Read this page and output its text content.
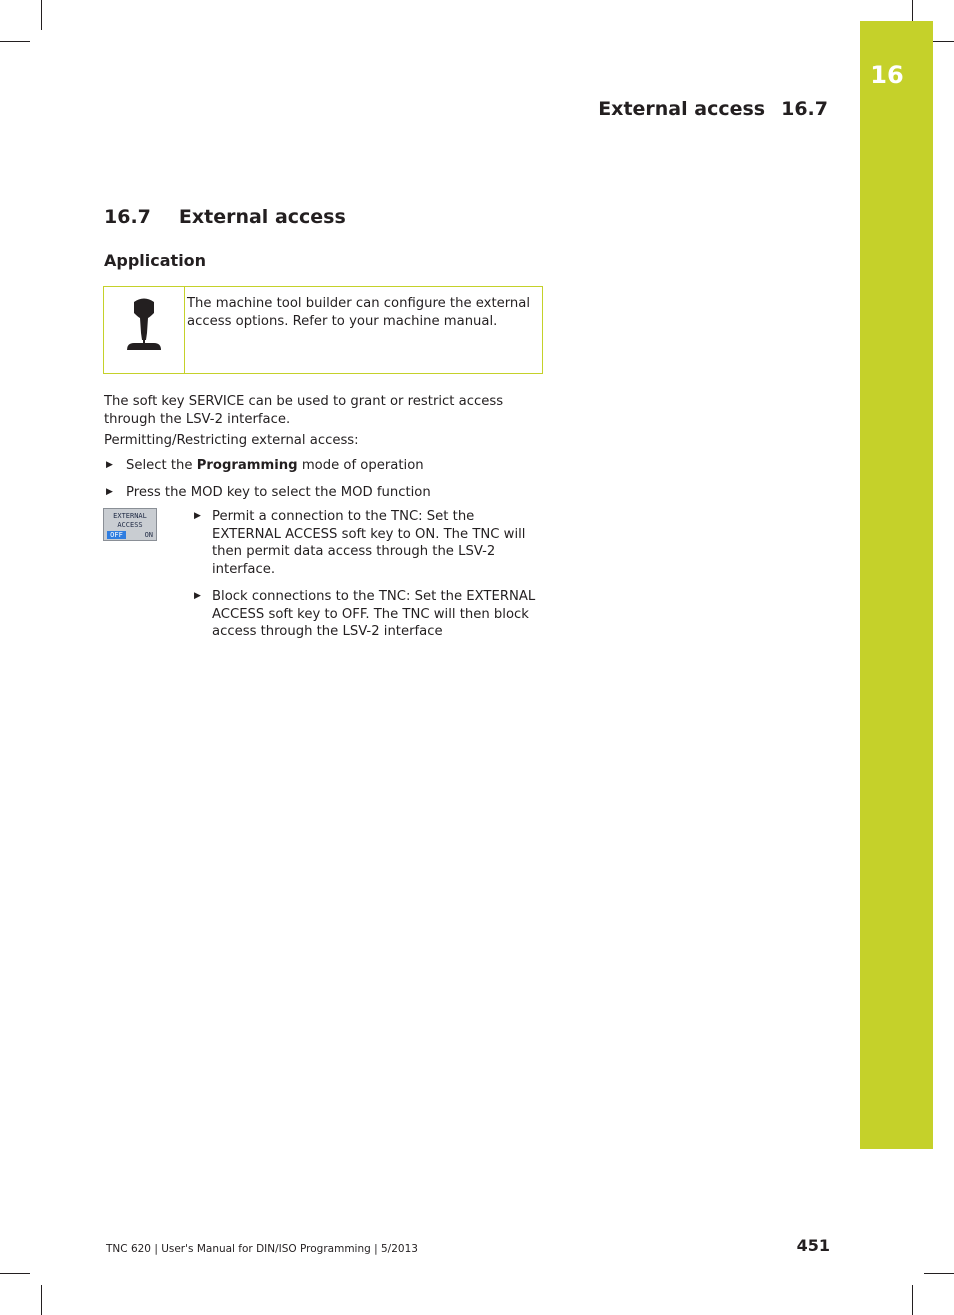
16
External access 16.7
16.7 External access
Application
The machine tool builder can configure the external access options. Refer to your machine manual.
The soft key SERVICE can be used to grant or restrict access through the LSV-2 interface.
Permitting/Restricting external access:
▶ Select the Programming mode of operation
▶ Press the MOD key to select the MOD function
EXTERNAL
ACCESS
OFF	ON
▶ Permit a connection to the TNC: Set the EXTERNAL ACCESS soft key to ON. The TNC will then permit data access through the LSV-2 interface.
▶ Block connections to the TNC: Set the EXTERNAL ACCESS soft key to OFF. The TNC will then block access through the LSV-2 interface
TNC 620 | User's Manual for DIN/ISO Programming | 5/2013	451
